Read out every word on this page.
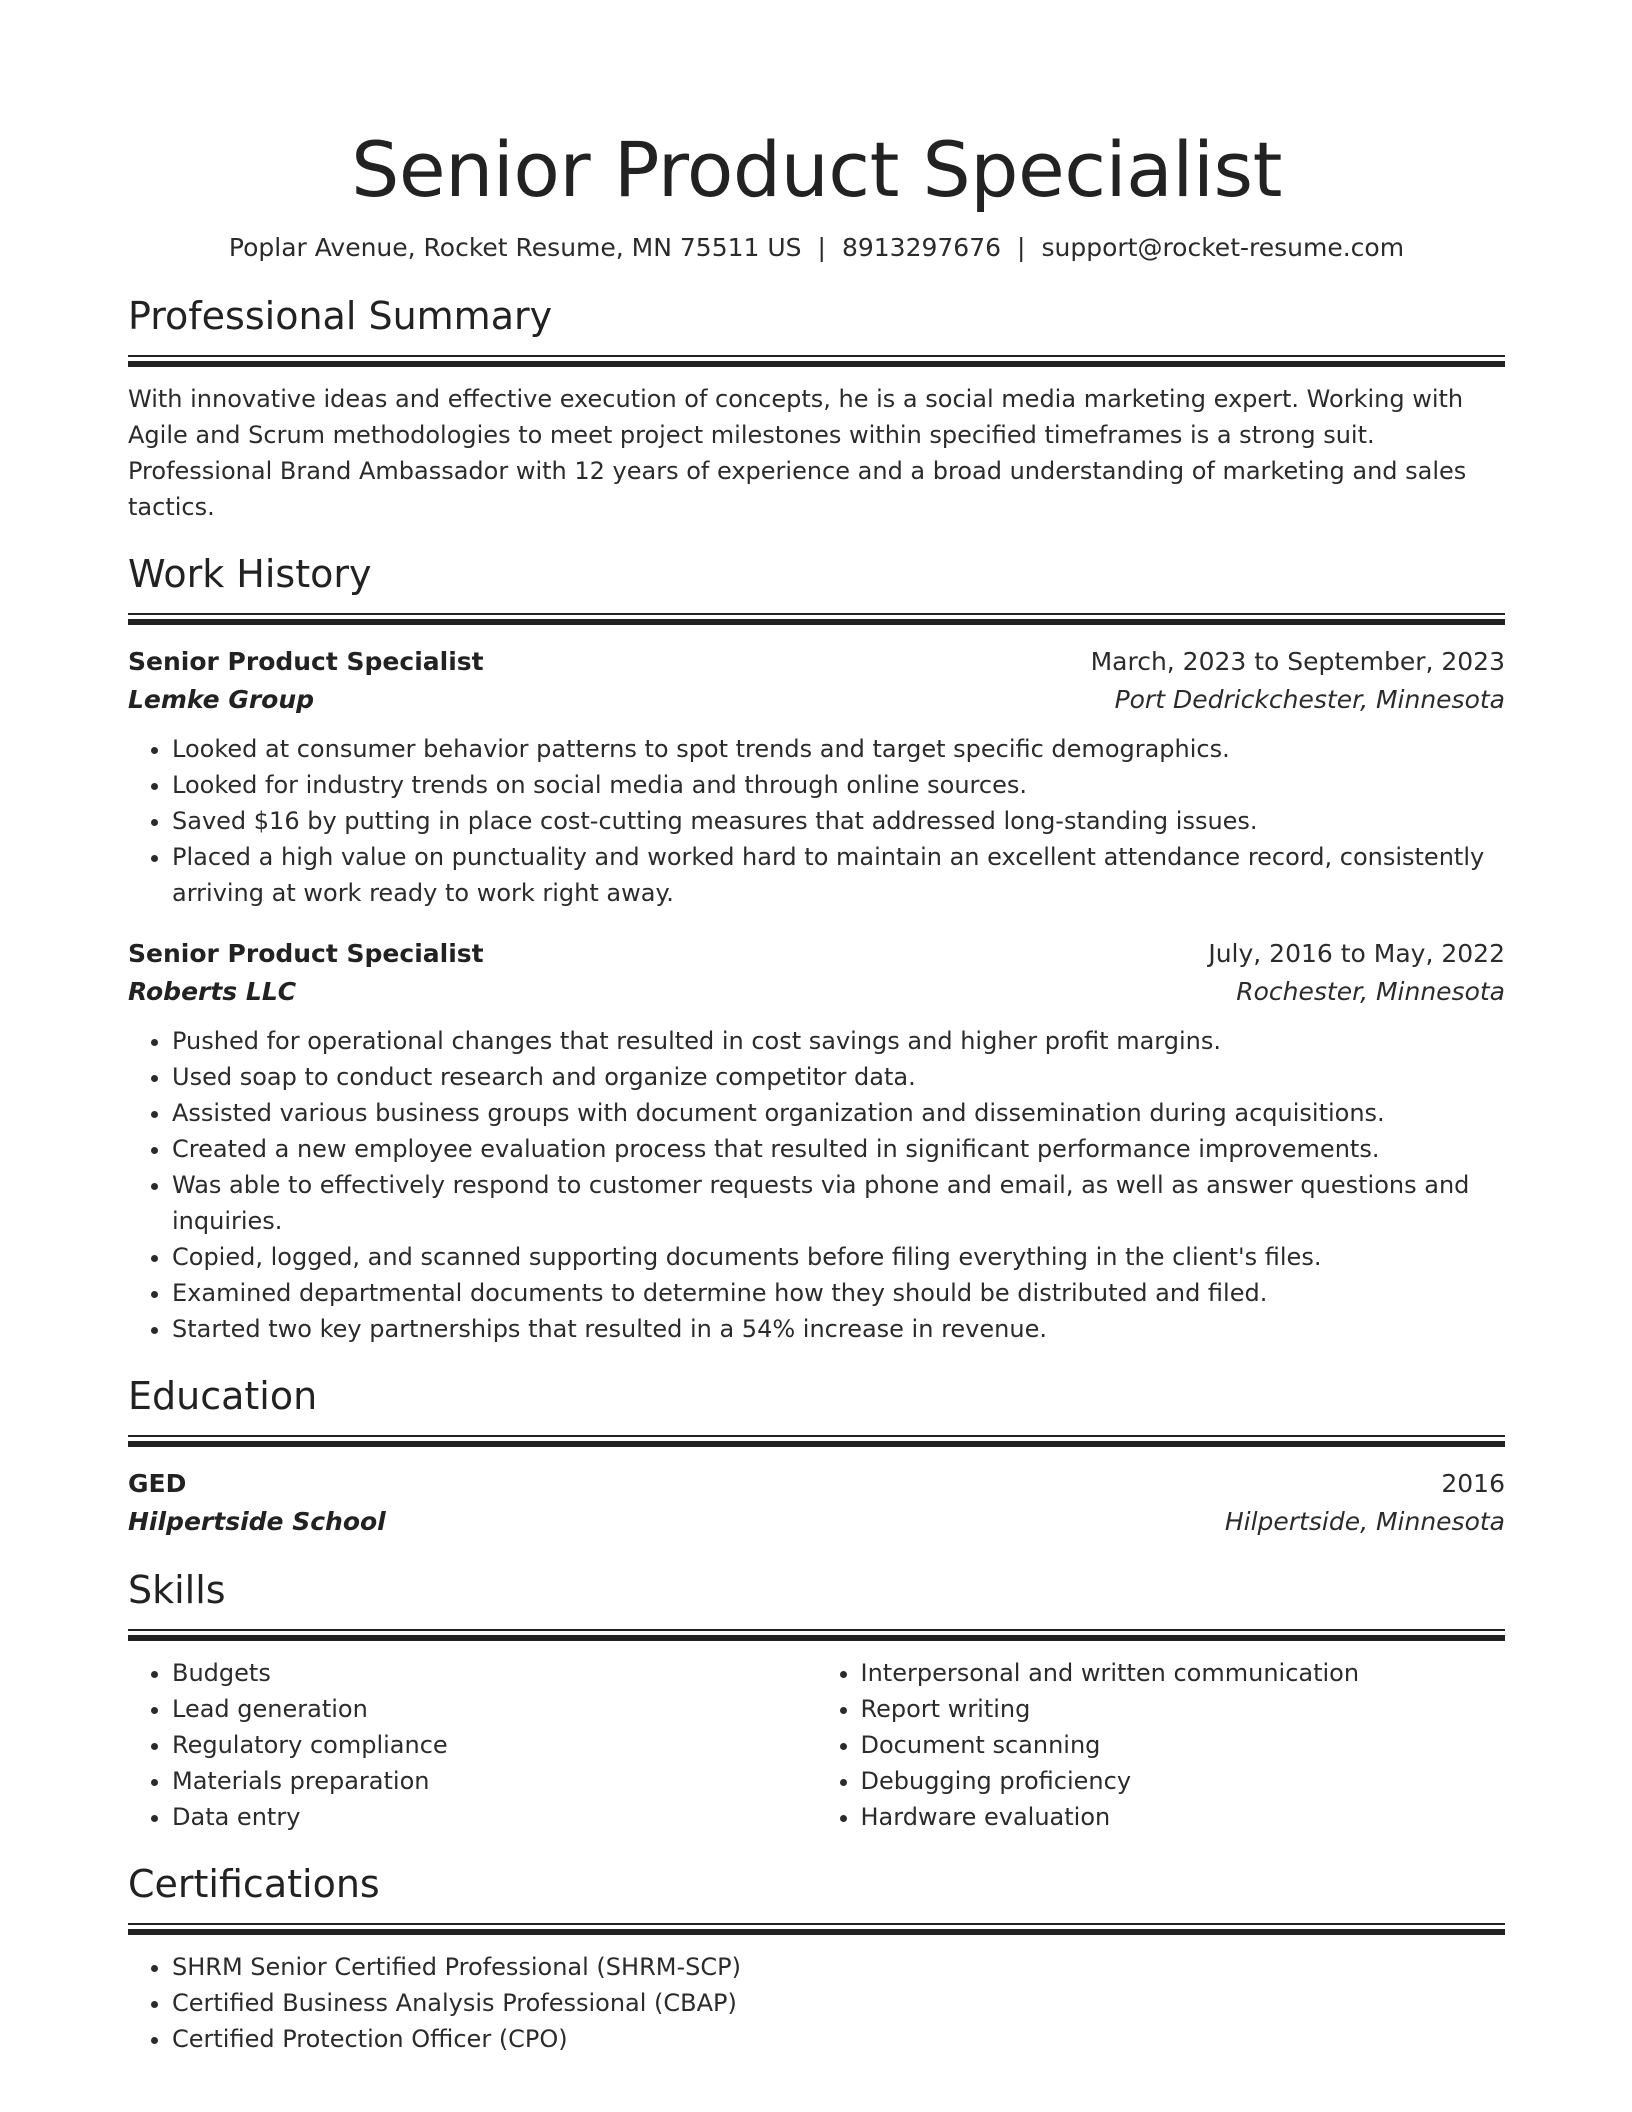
Senior Product Specialist
Poplar Avenue, Rocket Resume, MN 75511 US | 8913297676 | support@rocket-resume.com
Professional Summary
With innovative ideas and effective execution of concepts, he is a social media marketing expert. Working with Agile and Scrum methodologies to meet project milestones within specified timeframes is a strong suit. Professional Brand Ambassador with 12 years of experience and a broad understanding of marketing and sales tactics.
Work History
Senior Product Specialist	March, 2023 to September, 2023
Lemke Group	Port Dedrickchester, Minnesota
• Looked at consumer behavior patterns to spot trends and target specific demographics.
• Looked for industry trends on social media and through online sources.
• Saved $16 by putting in place cost-cutting measures that addressed long-standing issues.
• Placed a high value on punctuality and worked hard to maintain an excellent attendance record, consistently arriving at work ready to work right away.
Senior Product Specialist	July, 2016 to May, 2022
Roberts LLC	Rochester, Minnesota
• Pushed for operational changes that resulted in cost savings and higher profit margins.
• Used soap to conduct research and organize competitor data.
• Assisted various business groups with document organization and dissemination during acquisitions.
• Created a new employee evaluation process that resulted in significant performance improvements.
• Was able to effectively respond to customer requests via phone and email, as well as answer questions and inquiries.
• Copied, logged, and scanned supporting documents before filing everything in the client's files.
• Examined departmental documents to determine how they should be distributed and filed.
• Started two key partnerships that resulted in a 54% increase in revenue.
Education
GED	2016
Hilpertside School	Hilpertside, Minnesota
Skills
• Budgets
• Lead generation
• Regulatory compliance
• Materials preparation
• Data entry
• Interpersonal and written communication
• Report writing
• Document scanning
• Debugging proficiency
• Hardware evaluation
Certifications
• SHRM Senior Certified Professional (SHRM-SCP)
• Certified Business Analysis Professional (CBAP)
• Certified Protection Officer (CPO)
